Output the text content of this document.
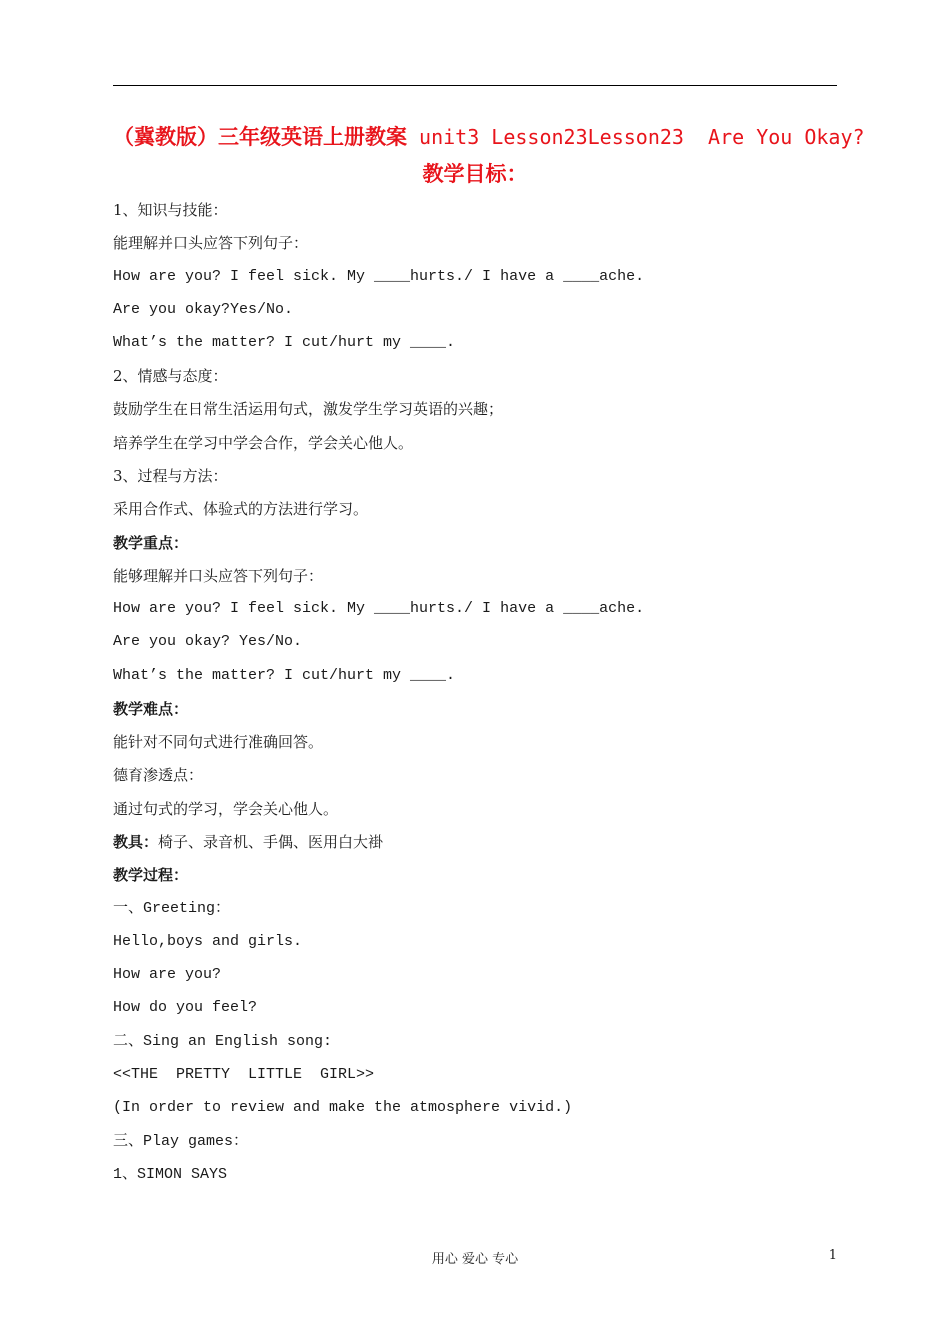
（冀教版）三年级英语上册教案 unit3 Lesson23Lesson23  Are You Okay?
教学目标：
1、知识与技能：
能理解并口头应答下列句子：
How are you? I feel sick. My ____hurts./ I have a ____ache.
Are you okay?Yes/No.
What’s the matter? I cut/hurt my ____.
2、情感与态度：
鼓励学生在日常生活运用句式，激发学生学习英语的兴趣；
培养学生在学习中学会合作，学会关心他人。
3、过程与方法：
采用合作式、体验式的方法进行学习。
教学重点：
能够理解并口头应答下列句子：
How are you? I feel sick. My ____hurts./ I have a ____ache.
Are you okay? Yes/No.
What’s the matter? I cut/hurt my ____.
教学难点：
能针对不同句式进行准确回答。
德育渗透点：
通过句式的学习，学会关心他人。
教具：椅子、录音机、手偶、医用白大褂
教学过程：
一、Greeting：
Hello,boys and girls.
How are you?
How do you feel?
二、Sing an English song:
<<THE  PRETTY  LITTLE  GIRL>>
(In order to review and make the atmosphere vivid.)
三、Play games：
1、SIMON SAYS
用心 爱心 专心	1
